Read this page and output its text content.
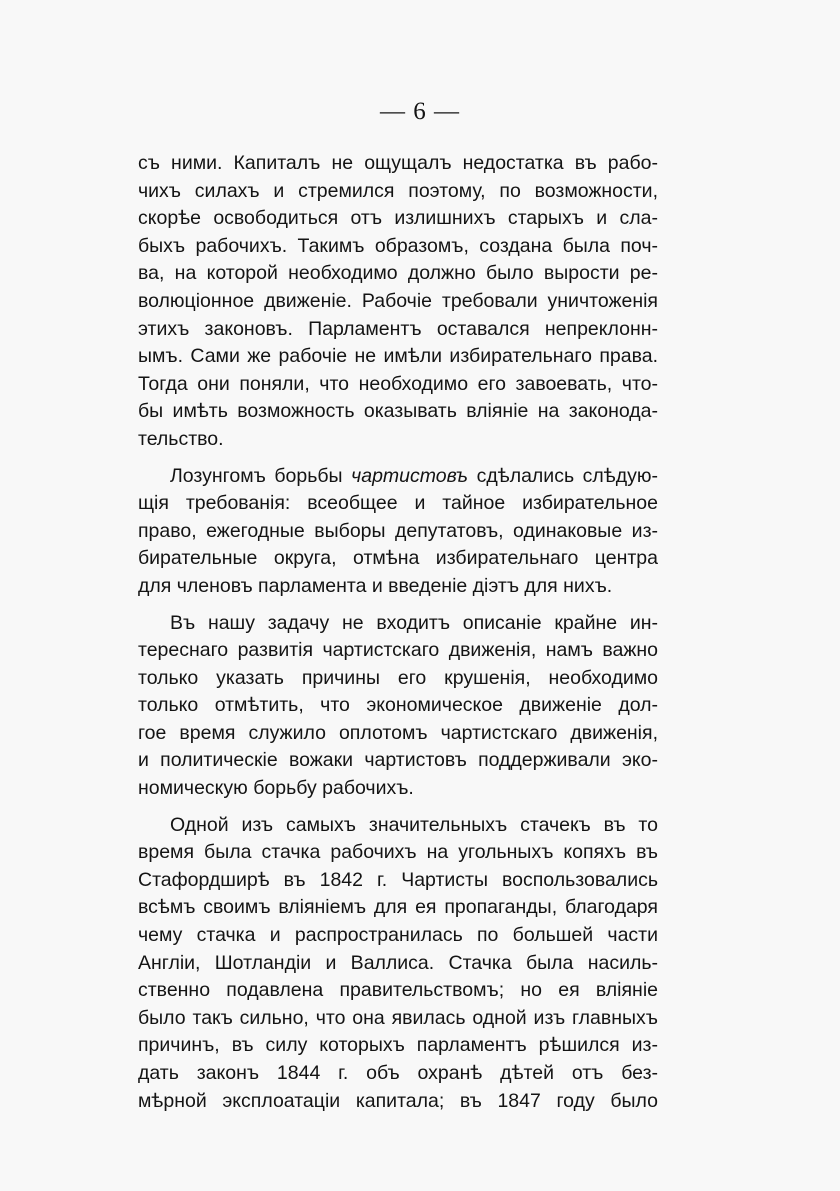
— 6 —
съ ними. Капиталъ не ощущалъ недостатка въ рабо-
чихъ силахъ и стремился поэтому, по возможности,
скорѣе освободиться отъ излишнихъ старыхъ и сла-
быхъ рабочихъ. Такимъ образомъ, создана была поч-
ва, на которой необходимо должно было вырости ре-
волюціонное движеніе. Рабочіе требовали уничтоженія
этихъ законовъ. Парламентъ оставался непреклонн-
ымъ. Сами же рабочіе не имѣли избирательнаго права.
Тогда они поняли, что необходимо его завоевать, что-
бы имѣть возможность оказывать вліяніе на законода-
тельство.
Лозунгомъ борьбы чартистовъ сдѣлались слѣдую-
щія требованія: всеобщее и тайное избирательное
право, ежегодные выборы депутатовъ, одинаковые из-
бирательные округа, отмѣна избирательнаго центра
для членовъ парламента и введеніе діэтъ для нихъ.
Въ нашу задачу не входитъ описаніе крайне ин-
тереснаго развитія чартистскаго движенія, намъ важно
только указать причины его крушенія, необходимо
только отмѣтить, что экономическое движеніе дол-
гое время служило оплотомъ чартистскаго движенія,
и политическіе вожаки чартистовъ поддерживали эко-
номическую борьбу рабочихъ.
Одной изъ самыхъ значительныхъ стачекъ въ то
время была стачка рабочихъ на угольныхъ копяхъ въ
Стафордширѣ въ 1842 г. Чартисты воспользовались
всѣмъ своимъ вліяніемъ для ея пропаганды, благодаря
чему стачка и распространилась по большей части
Англіи, Шотландіи и Валлиса. Стачка была насиль-
ственно подавлена правительствомъ; но ея вліяніе
было такъ сильно, что она явилась одной изъ главныхъ
причинъ, въ силу которыхъ парламентъ рѣшился из-
дать законъ 1844 г. объ охранѣ дѣтей отъ без-
мѣрной эксплоатаціи капитала; въ 1847 году было
